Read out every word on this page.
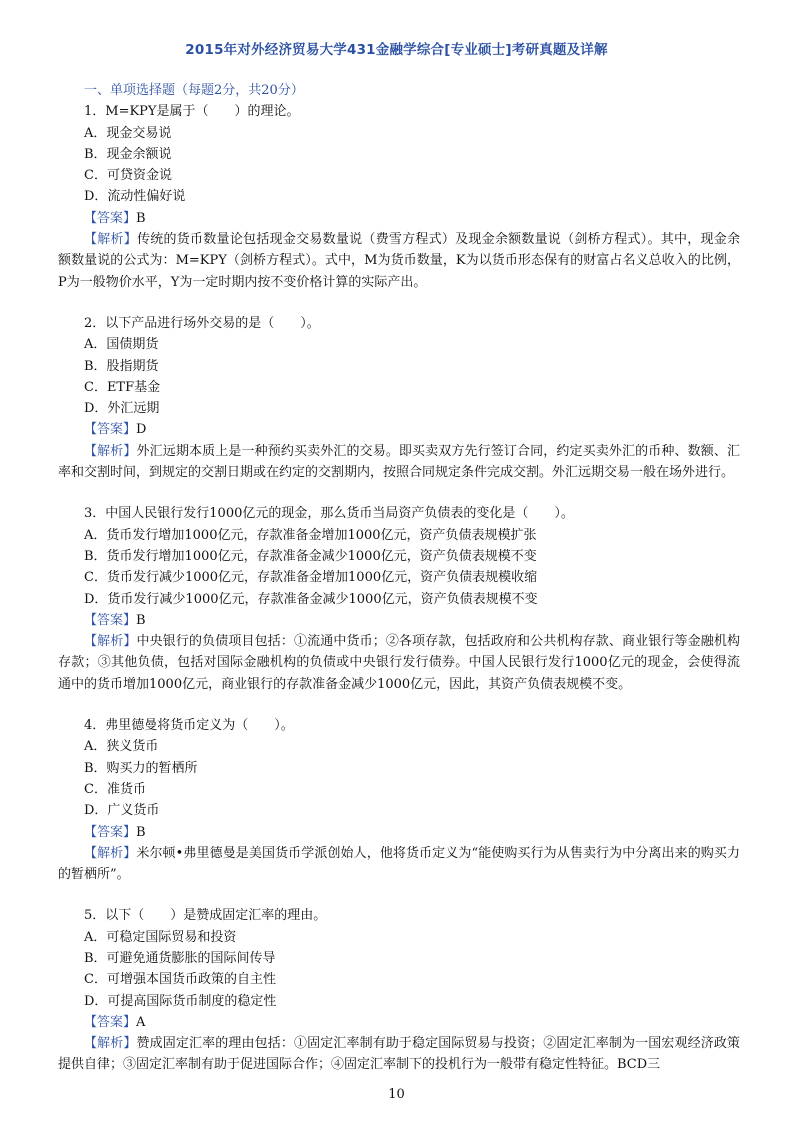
2015年对外经济贸易大学431金融学综合[专业硕士]考研真题及详解
一、单项选择题（每题2分，共20分）
1．M=KPY是属于（　　）的理论。
A．现金交易说
B．现金余额说
C．可贷资金说
D．流动性偏好说
【答案】B
【解析】传统的货币数量论包括现金交易数量说（费雪方程式）及现金余额数量说（剑桥方程式）。其中，现金余额数量说的公式为：M=KPY（剑桥方程式）。式中，M为货币数量，K为以货币形态保有的财富占名义总收入的比例，P为一般物价水平，Y为一定时期内按不变价格计算的实际产出。
2．以下产品进行场外交易的是（　　）。
A．国债期货
B．股指期货
C．ETF基金
D．外汇远期
【答案】D
【解析】外汇远期本质上是一种预约买卖外汇的交易。即买卖双方先行签订合同，约定买卖外汇的币种、数额、汇率和交割时间，到规定的交割日期或在约定的交割期内，按照合同规定条件完成交割。外汇远期交易一般在场外进行。
3．中国人民银行发行1000亿元的现金，那么货币当局资产负债表的变化是（　　）。
A．货币发行增加1000亿元，存款准备金增加1000亿元，资产负债表规模扩张
B．货币发行增加1000亿元，存款准备金减少1000亿元，资产负债表规模不变
C．货币发行减少1000亿元，存款准备金增加1000亿元，资产负债表规模收缩
D．货币发行减少1000亿元，存款准备金减少1000亿元，资产负债表规模不变
【答案】B
【解析】中央银行的负债项目包括：①流通中货币；②各项存款，包括政府和公共机构存款、商业银行等金融机构存款；③其他负债，包括对国际金融机构的负债或中央银行发行债券。中国人民银行发行1000亿元的现金，会使得流通中的货币增加1000亿元，商业银行的存款准备金减少1000亿元，因此，其资产负债表规模不变。
4．弗里德曼将货币定义为（　　）。
A．狭义货币
B．购买力的暂栖所
C．准货币
D．广义货币
【答案】B
【解析】米尔顿•弗里德曼是美国货币学派创始人，他将货币定义为“能使购买行为从售卖行为中分离出来的购买力的暂栖所”。
5．以下（　　）是赞成固定汇率的理由。
A．可稳定国际贸易和投资
B．可避免通货膨胀的国际间传导
C．可增强本国货币政策的自主性
D．可提高国际货币制度的稳定性
【答案】A
【解析】赞成固定汇率的理由包括：①固定汇率制有助于稳定国际贸易与投资；②固定汇率制为一国宏观经济政策提供自律；③固定汇率制有助于促进国际合作；④固定汇率制下的投机行为一般带有稳定性特征。BCD三
10
